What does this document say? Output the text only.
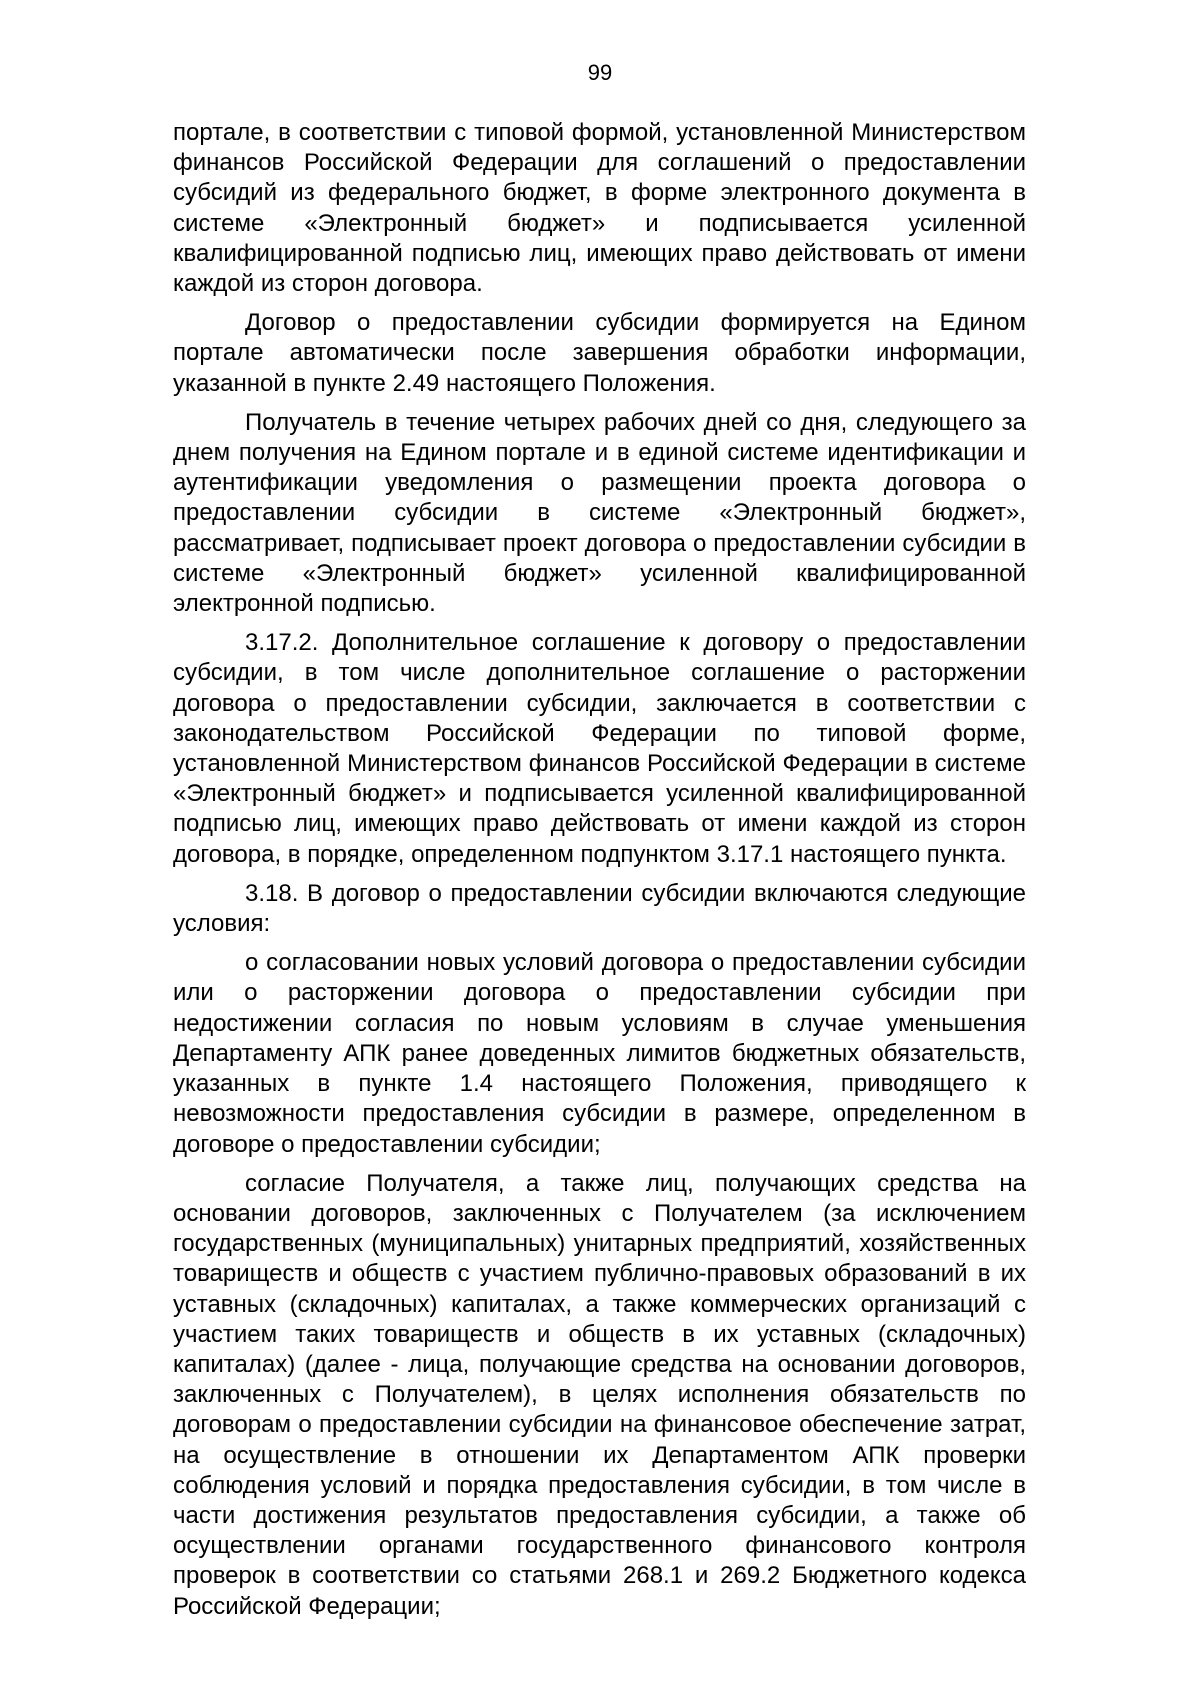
99

портале, в соответствии с типовой формой, установленной Министерством финансов Российской Федерации для соглашений о предоставлении субсидий из федерального бюджет, в форме электронного документа в системе «Электронный бюджет» и подписывается усиленной квалифицированной подписью лиц, имеющих право действовать от имени каждой из сторон договора.

Договор о предоставлении субсидии формируется на Едином портале автоматически после завершения обработки информации, указанной в пункте 2.49 настоящего Положения.

Получатель в течение четырех рабочих дней со дня, следующего за днем получения на Едином портале и в единой системе идентификации и аутентификации уведомления о размещении проекта договора о предоставлении субсидии в системе «Электронный бюджет», рассматривает, подписывает проект договора о предоставлении субсидии в системе «Электронный бюджет» усиленной квалифицированной электронной подписью.

3.17.2. Дополнительное соглашение к договору о предоставлении субсидии, в том числе дополнительное соглашение о расторжении договора о предоставлении субсидии, заключается в соответствии с законодательством Российской Федерации по типовой форме, установленной Министерством финансов Российской Федерации в системе «Электронный бюджет» и подписывается усиленной квалифицированной подписью лиц, имеющих право действовать от имени каждой из сторон договора, в порядке, определенном подпунктом 3.17.1 настоящего пункта.

3.18. В договор о предоставлении субсидии включаются следующие условия:

о согласовании новых условий договора о предоставлении субсидии или о расторжении договора о предоставлении субсидии при недостижении согласия по новым условиям в случае уменьшения Департаменту АПК ранее доведенных лимитов бюджетных обязательств, указанных в пункте 1.4 настоящего Положения, приводящего к невозможности предоставления субсидии в размере, определенном в договоре о предоставлении субсидии;

согласие Получателя, а также лиц, получающих средства на основании договоров, заключенных с Получателем (за исключением государственных (муниципальных) унитарных предприятий, хозяйственных товариществ и обществ с участием публично-правовых образований в их уставных (складочных) капиталах, а также коммерческих организаций с участием таких товариществ и обществ в их уставных (складочных) капиталах) (далее - лица, получающие средства на основании договоров, заключенных с Получателем), в целях исполнения обязательств по договорам о предоставлении субсидии на финансовое обеспечение затрат, на осуществление в отношении их Департаментом АПК проверки соблюдения условий и порядка предоставления субсидии, в том числе в части достижения результатов предоставления субсидии, а также об осуществлении органами государственного финансового контроля проверок в соответствии со статьями 268.1 и 269.2 Бюджетного кодекса Российской Федерации;
